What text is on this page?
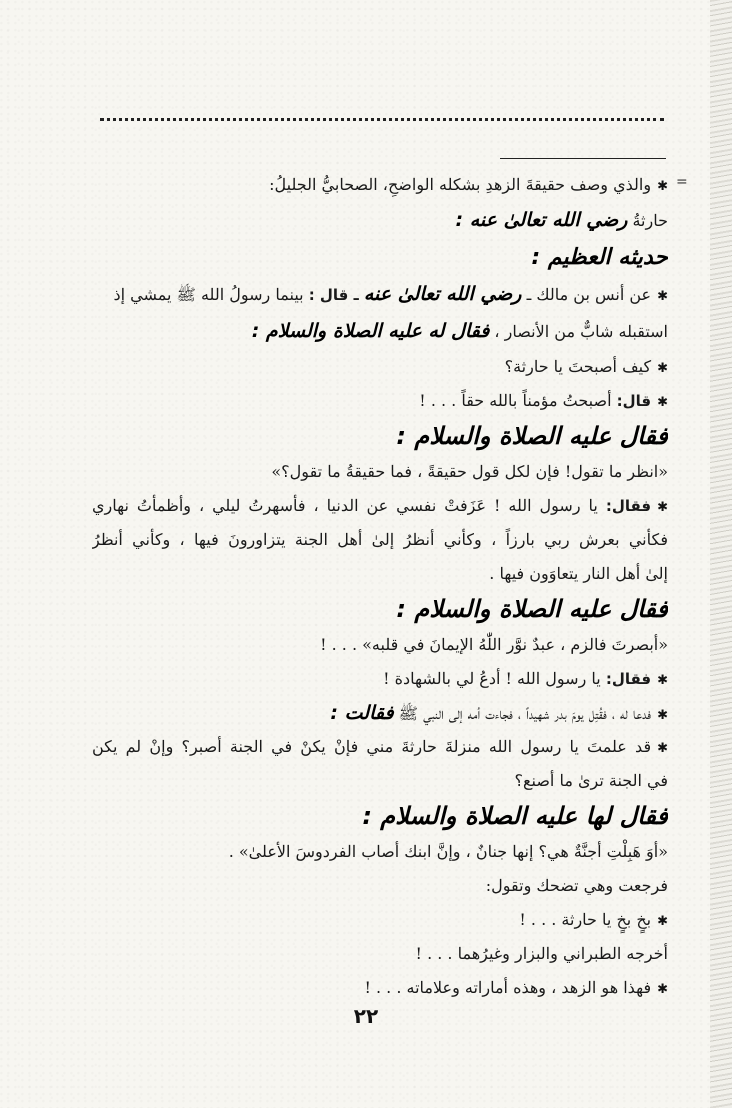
=
✱والذي وصف حقيقةَ الزهدِ بشكله الواضحِ، الصحابيُّ الجليلُ:
حارثةُ رضي الله تعالىٰ عنه :
حديثه العظيم :
✱عن أنس بن مالك ـ رضي الله تعالىٰ عنه ـ قال : بينما رسولُ الله ﷺ يمشي إذ
استقبله شابٌّ من الأنصار ، فقال له عليه الصلاة والسلام :
✱كيف أصبحتَ يا حارثة؟
✱قال: أصبحتُ مؤمناً بالله حقاً . . . !
فقال عليه الصلاة والسلام :
«انظر ما تقول! فإن لكل قول حقيقةً ، فما حقيقةُ ما تقول؟»
✱فقال: يا رسول الله ! عَزَفتْ نفسي عن الدنيا ، فأسهرتُ ليلي ، وأظمأتُ نهاري
فكأني بعرش ربي بارزاً ، وكأني أنظرُ إلىٰ أهل الجنة يتزاورونَ فيها ، وكأني أنظرُ
إلىٰ أهل النار يتعاوَون فيها .
فقال عليه الصلاة والسلام :
«أبصرتَ فالزم ، عبدٌ نوَّر اللّٰهُ الإيمانَ في قلبه» . . . !
✱فقال: يا رسول الله ! أدعُ لي بالشهادة !
✱فدعا له ، فقُتِل يومَ بدر شهيداً ، فجاءت أمه إلى النبي ﷺ فقالت :
✱قد علمتَ يا رسول الله منزلةَ حارثةَ مني فإنْ يكنْ في الجنة أصبر؟ وإنْ لم يكن
في الجنة ترىٰ ما أصنع؟
فقال لها عليه الصلاة والسلام :
«أوَ هَبِلْتِ أجنَّةٌ هي؟ إنها جنانٌ ، وإنَّ ابنك أصاب الفردوسَ الأعلىٰ» .
فرجعت وهي تضحك وتقول:
✱بخٍ بخٍ يا حارثة . . . !
أخرجه الطبراني والبزار وغيرُهما . . . !
✱فهذا هو الزهد ، وهذه أماراته وعلاماته . . . !
٢٢
